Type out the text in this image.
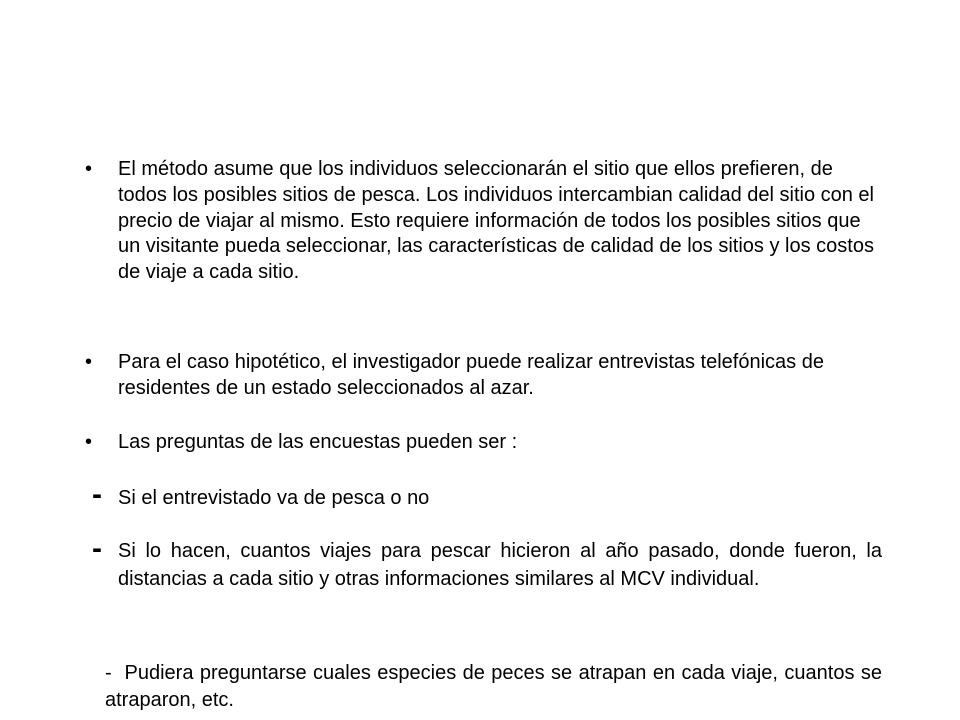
•	El método asume que los individuos seleccionarán el sitio que ellos prefieren, de todos los posibles sitios de pesca. Los individuos intercambian calidad del sitio con el precio de viajar al mismo. Esto requiere información de todos los posibles sitios que un visitante pueda seleccionar, las características de calidad de los sitios y los costos de viaje a cada sitio.
•	Para el caso hipotético, el investigador puede realizar entrevistas telefónicas de residentes de un estado seleccionados al azar.
•	Las preguntas de las encuestas pueden ser :
- Si el entrevistado va de pesca o no
- Si lo hacen, cuantos viajes para pescar hicieron al año pasado, donde fueron, la distancias a cada sitio y otras informaciones similares al MCV individual.
- Pudiera preguntarse cuales especies de peces se atrapan en cada viaje, cuantos se atraparon, etc.
